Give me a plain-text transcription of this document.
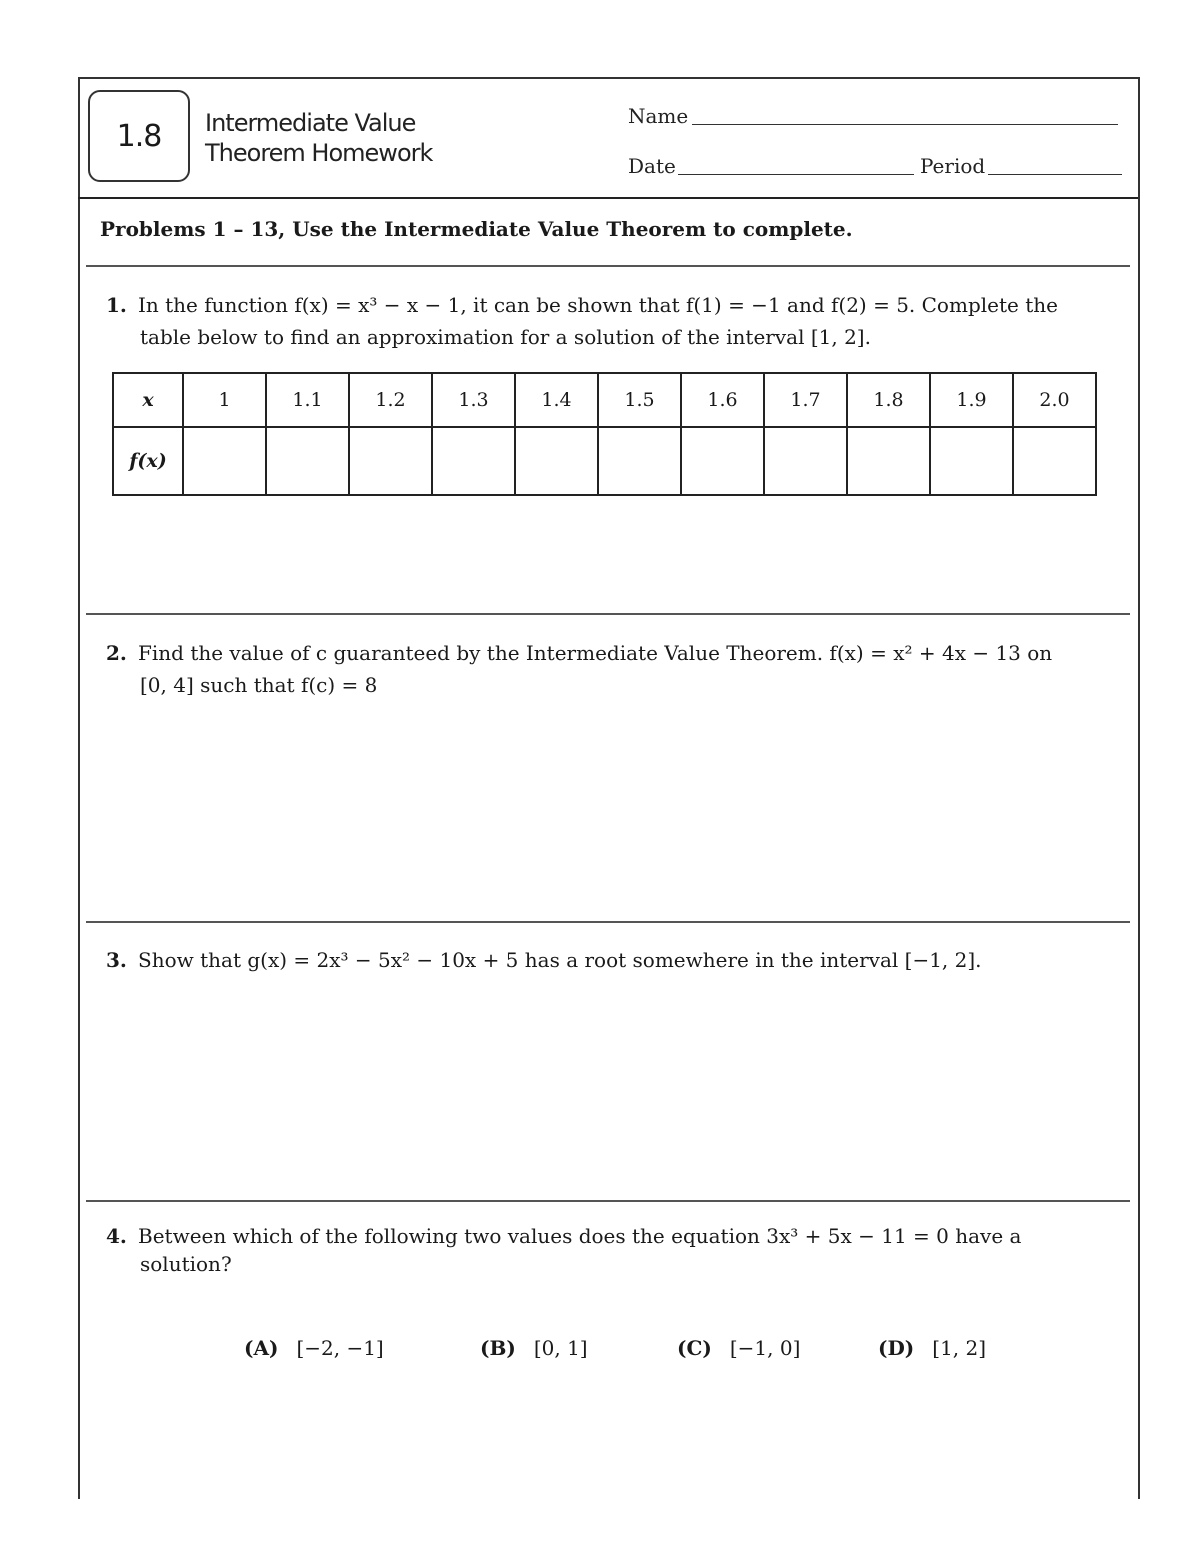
1.8 Intermediate Value
Theorem Homework
Name
Date	Period
Problems 1 – 13, Use the Intermediate Value Theorem to complete.
1. In the function f(x) = x³ − x − 1, it can be shown that f(1) = −1 and f(2) = 5. Complete the
table below to find an approximation for a solution of the interval [1, 2].
x	1	1.1	1.2	1.3	1.4	1.5	1.6	1.7	1.8	1.9	2.0
f(x)											
2. Find the value of c guaranteed by the Intermediate Value Theorem. f(x) = x² + 4x − 13 on
[0, 4] such that f(c) = 8
3. Show that g(x) = 2x³ − 5x² − 10x + 5 has a root somewhere in the interval [−1, 2].
4. Between which of the following two values does the equation 3x³ + 5x − 11 = 0 have a
solution?
(A) [−2, −1]	(B) [0, 1]	(C) [−1, 0]	(D) [1, 2]
